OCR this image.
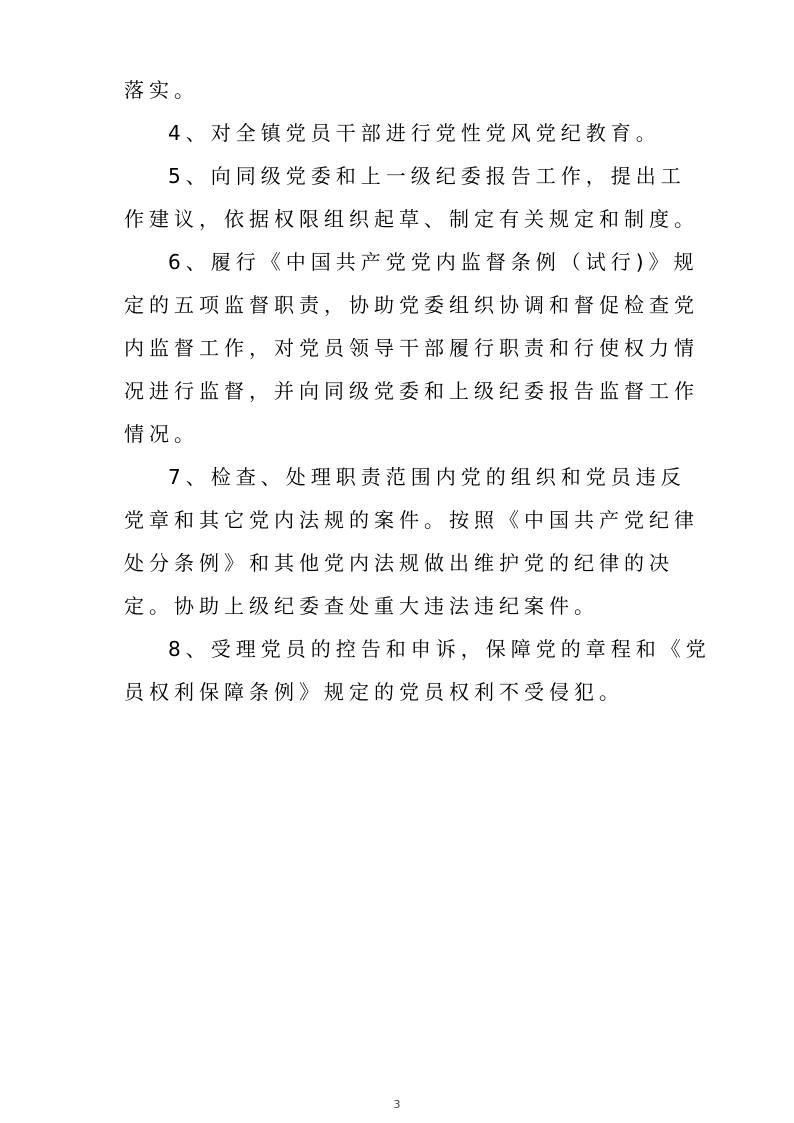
落实。
4、对全镇党员干部进行党性党风党纪教育。
5、向同级党委和上一级纪委报告工作，提出工
作建议，依据权限组织起草、制定有关规定和制度。
6、履行《中国共产党党内监督条例（试行)》规
定的五项监督职责，协助党委组织协调和督促检查党
内监督工作，对党员领导干部履行职责和行使权力情
况进行监督，并向同级党委和上级纪委报告监督工作
情况。
7、检查、处理职责范围内党的组织和党员违反
党章和其它党内法规的案件。按照《中国共产党纪律
处分条例》和其他党内法规做出维护党的纪律的决
定。协助上级纪委查处重大违法违纪案件。
8、受理党员的控告和申诉，保障党的章程和《党
员权利保障条例》规定的党员权利不受侵犯。
3
